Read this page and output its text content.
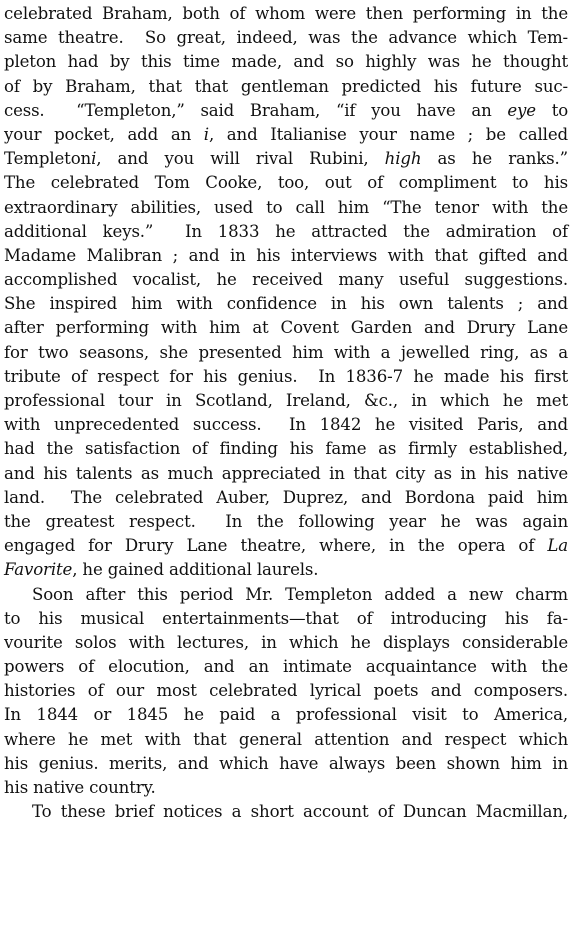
celebrated Braham, both of whom were then performing in the
same theatre.  So great, indeed, was the advance which Tem-
pleton had by this time made, and so highly was he thought
of by Braham, that that gentleman predicted his future suc-
cess.  “Templeton,” said Braham, “if you have an eye to
your pocket, add an i, and Italianise your name ; be called
Templetoni, and you will rival Rubini, high as he ranks.”
The celebrated Tom Cooke, too, out of compliment to his
extraordinary abilities, used to call him “The tenor with the
additional keys.”  In 1833 he attracted the admiration of
Madame Malibran ; and in his interviews with that gifted and
accomplished vocalist, he received many useful suggestions.
She inspired him with confidence in his own talents ; and
after performing with him at Covent Garden and Drury Lane
for two seasons, she presented him with a jewelled ring, as a
tribute of respect for his genius.  In 1836-7 he made his first
professional tour in Scotland, Ireland, &c., in which he met
with unprecedented success.  In 1842 he visited Paris, and
had the satisfaction of finding his fame as firmly established,
and his talents as much appreciated in that city as in his native
land.  The celebrated Auber, Duprez, and Bordona paid him
the greatest respect.  In the following year he was again
engaged for Drury Lane theatre, where, in the opera of La
Favorite, he gained additional laurels.
Soon after this period Mr. Templeton added a new charm
to his musical entertainments—that of introducing his fa-
vourite solos with lectures, in which he displays considerable
powers of elocution, and an intimate acquaintance with the
histories of our most celebrated lyrical poets and composers.
In 1844 or 1845 he paid a professional visit to America,
where he met with that general attention and respect which
his genius. merits, and which have always been shown him in
his native country.
To these brief notices a short account of Duncan Macmillan,
